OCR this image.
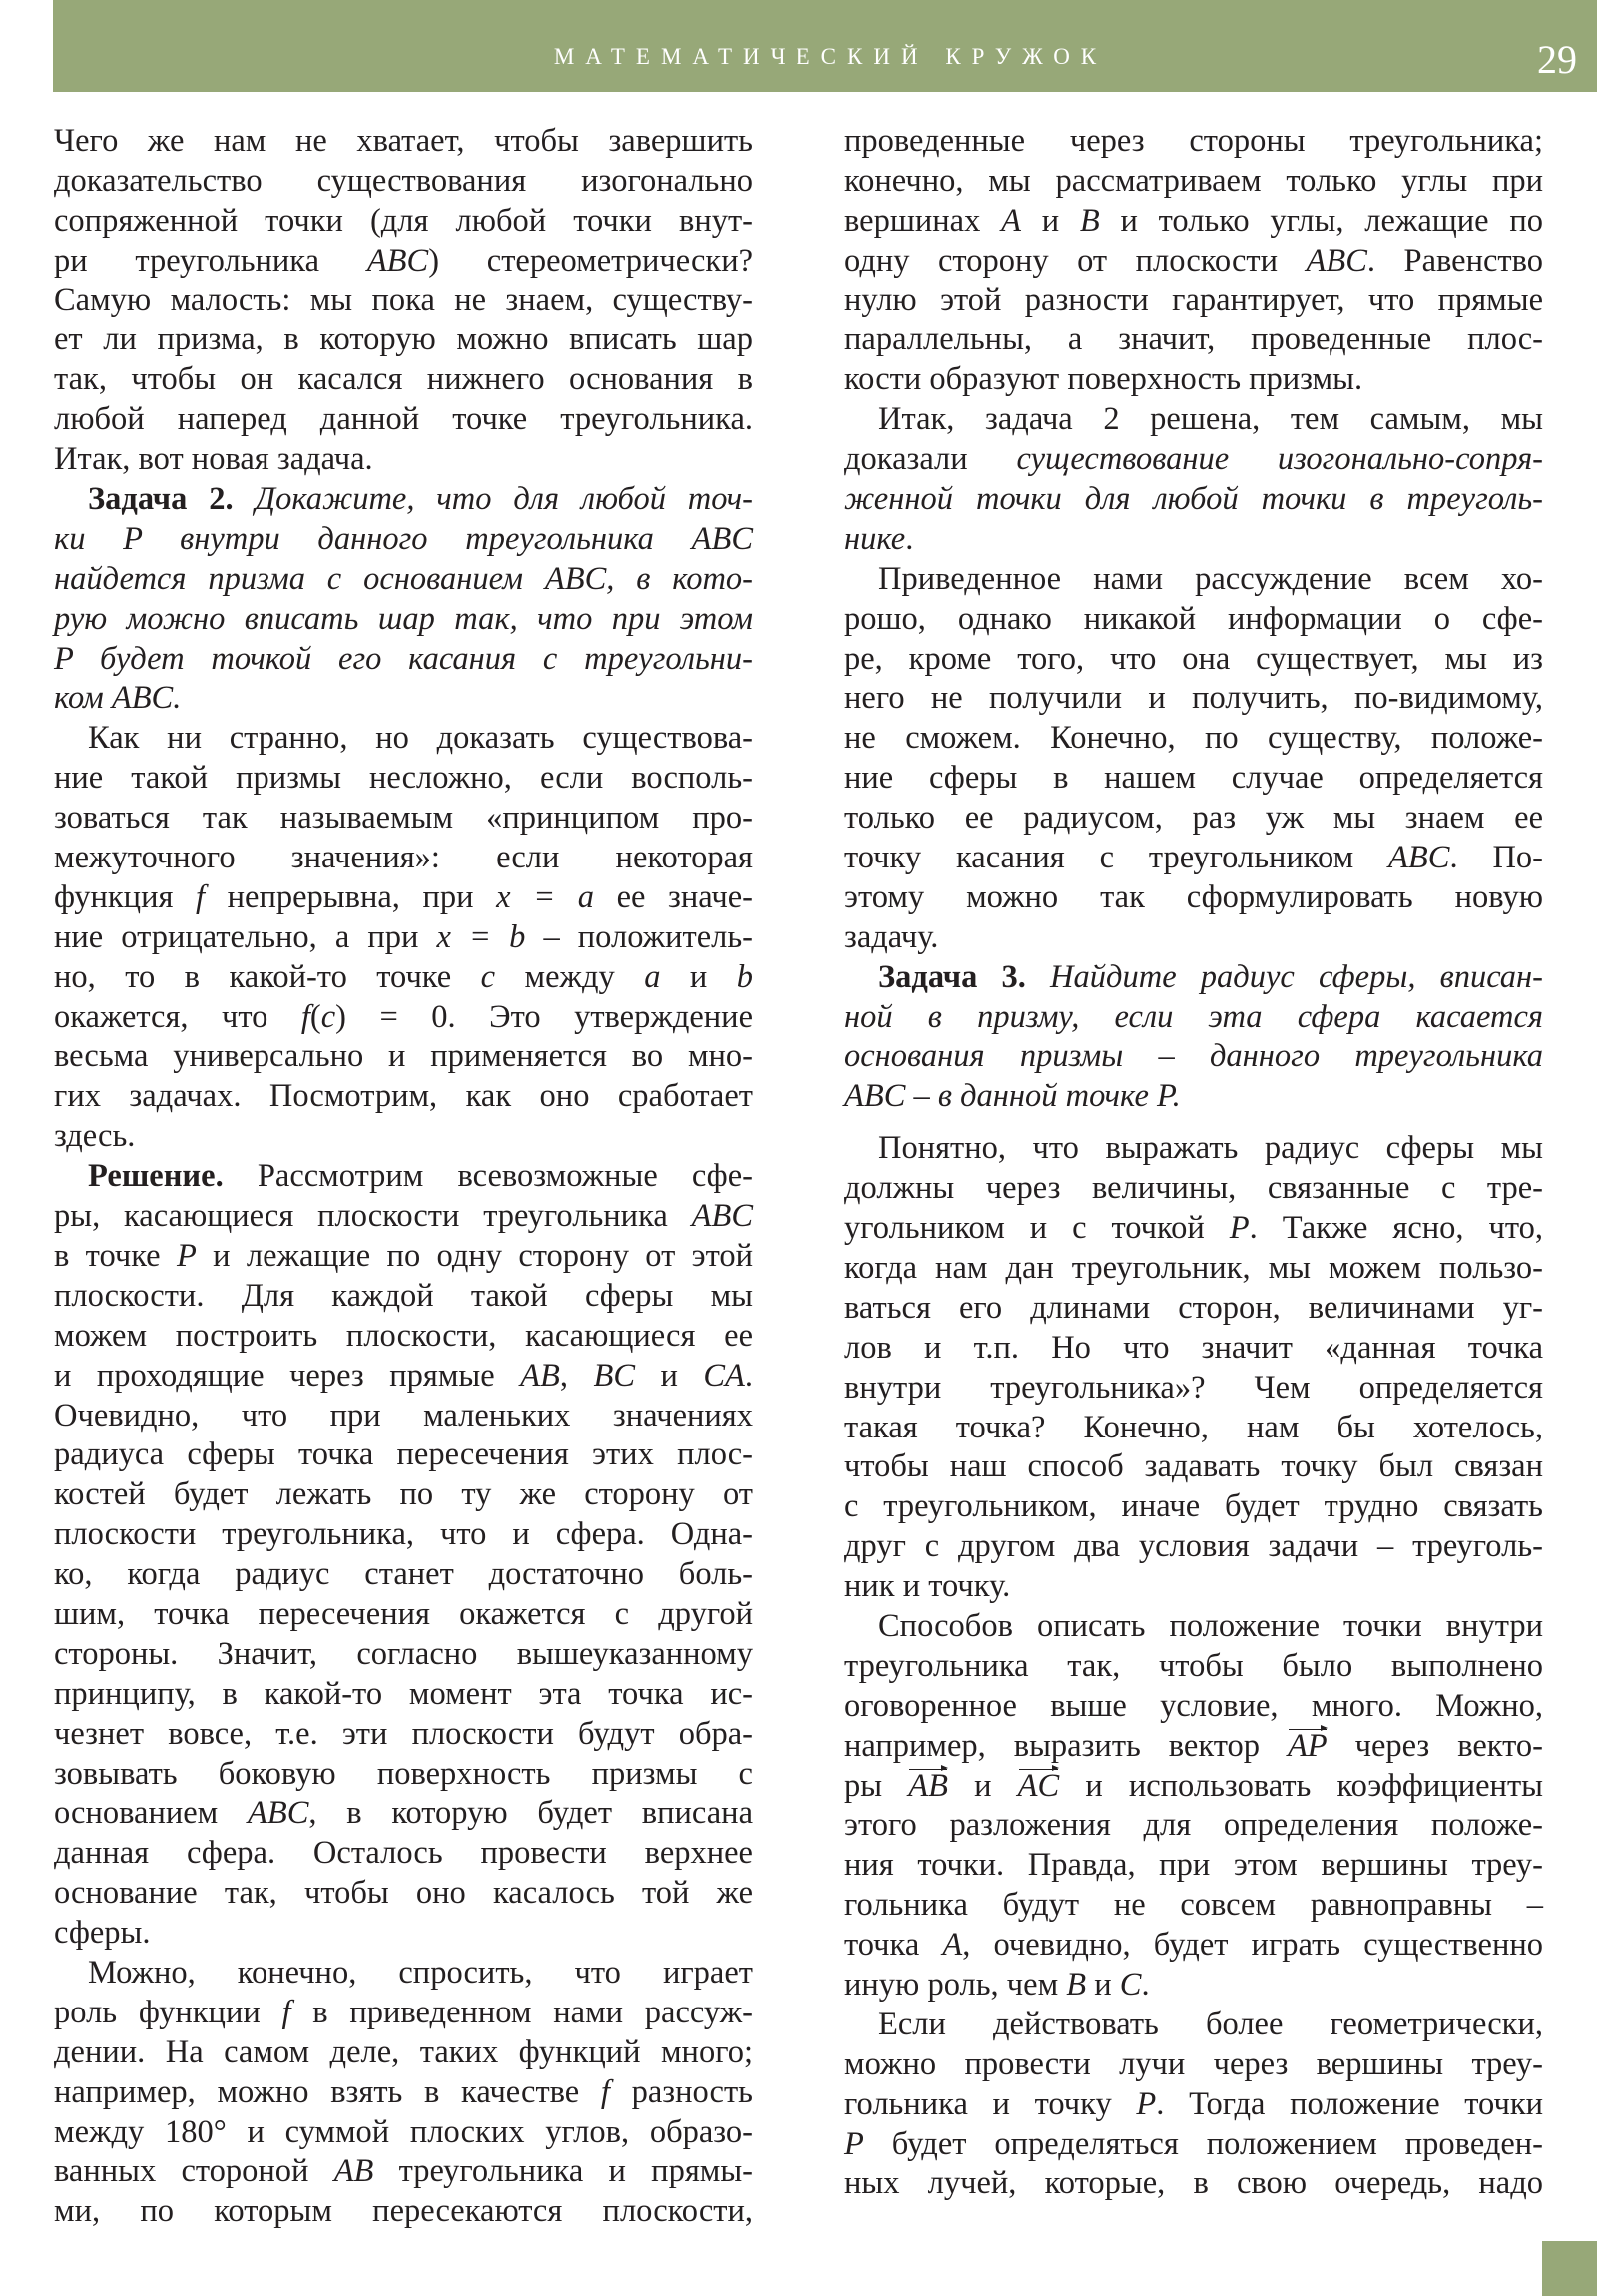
МАТЕМАТИЧЕСКИЙ КРУЖОК	29
Чего же нам не хватает, чтобы завершить
доказательство существования изогонально
сопряженной точки (для любой точки внут-
ри треугольника ABC) стереометрически?
Самую малость: мы пока не знаем, существу-
ет ли призма, в которую можно вписать шар
так, чтобы он касался нижнего основания в
любой наперед данной точке треугольника.
Итак, вот новая задача.
Задача 2. Докажите, что для любой точ-
ки P внутри данного треугольника ABC
найдется призма с основанием ABC, в кото-
рую можно вписать шар так, что при этом
P будет точкой его касания с треугольни-
ком ABC.
Как ни странно, но доказать существова-
ние такой призмы несложно, если восполь-
зоваться так называемым «принципом про-
межуточного значения»: если некоторая
функция f непрерывна, при x = a ее значе-
ние отрицательно, а при x = b – положитель-
но, то в какой-то точке c между a и b
окажется, что f(c) = 0. Это утверждение
весьма универсально и применяется во мно-
гих задачах. Посмотрим, как оно сработает
здесь.
Решение. Рассмотрим всевозможные сфе-
ры, касающиеся плоскости треугольника ABC
в точке P и лежащие по одну сторону от этой
плоскости. Для каждой такой сферы мы
можем построить плоскости, касающиеся ее
и проходящие через прямые AB, BC и CA.
Очевидно, что при маленьких значениях
радиуса сферы точка пересечения этих плос-
костей будет лежать по ту же сторону от
плоскости треугольника, что и сфера. Одна-
ко, когда радиус станет достаточно боль-
шим, точка пересечения окажется с другой
стороны. Значит, согласно вышеуказанному
принципу, в какой-то момент эта точка ис-
чезнет вовсе, т.е. эти плоскости будут обра-
зовывать боковую поверхность призмы с
основанием ABC, в которую будет вписана
данная сфера. Осталось провести верхнее
основание так, чтобы оно касалось той же
сферы.
Можно, конечно, спросить, что играет
роль функции f в приведенном нами рассуж-
дении. На самом деле, таких функций много;
например, можно взять в качестве f разность
между 180° и суммой плоских углов, образо-
ванных стороной AB треугольника и прямы-
ми, по которым пересекаются плоскости,
проведенные через стороны треугольника;
конечно, мы рассматриваем только углы при
вершинах A и B и только углы, лежащие по
одну сторону от плоскости ABC. Равенство
нулю этой разности гарантирует, что прямые
параллельны, а значит, проведенные плос-
кости образуют поверхность призмы.
Итак, задача 2 решена, тем самым, мы
доказали существование изогонально-сопря-
женной точки для любой точки в треуголь-
нике.
Приведенное нами рассуждение всем хо-
рошо, однако никакой информации о сфе-
ре, кроме того, что она существует, мы из
него не получили и получить, по-видимому,
не сможем. Конечно, по существу, положе-
ние сферы в нашем случае определяется
только ее радиусом, раз уж мы знаем ее
точку касания с треугольником ABC. По-
этому можно так сформулировать новую
задачу.
Задача 3. Найдите радиус сферы, вписан-
ной в призму, если эта сфера касается
основания призмы – данного треугольника
ABC – в данной точке P.
Понятно, что выражать радиус сферы мы
должны через величины, связанные с тре-
угольником и с точкой P. Также ясно, что,
когда нам дан треугольник, мы можем пользо-
ваться его длинами сторон, величинами уг-
лов и т.п. Но что значит «данная точка
внутри треугольника»? Чем определяется
такая точка? Конечно, нам бы хотелось,
чтобы наш способ задавать точку был связан
с треугольником, иначе будет трудно связать
друг с другом два условия задачи – треуголь-
ник и точку.
Способов описать положение точки внутри
треугольника так, чтобы было выполнено
оговоренное выше условие, много. Можно,
например, выразить вектор AP через векто-
ры AB и AC и использовать коэффициенты
этого разложения для определения положе-
ния точки. Правда, при этом вершины треу-
гольника будут не совсем равноправны –
точка A, очевидно, будет играть существенно
иную роль, чем B и C.
Если действовать более геометрически,
можно провести лучи через вершины треу-
гольника и точку P. Тогда положение точки
P будет определяться положением проведен-
ных лучей, которые, в свою очередь, надо
